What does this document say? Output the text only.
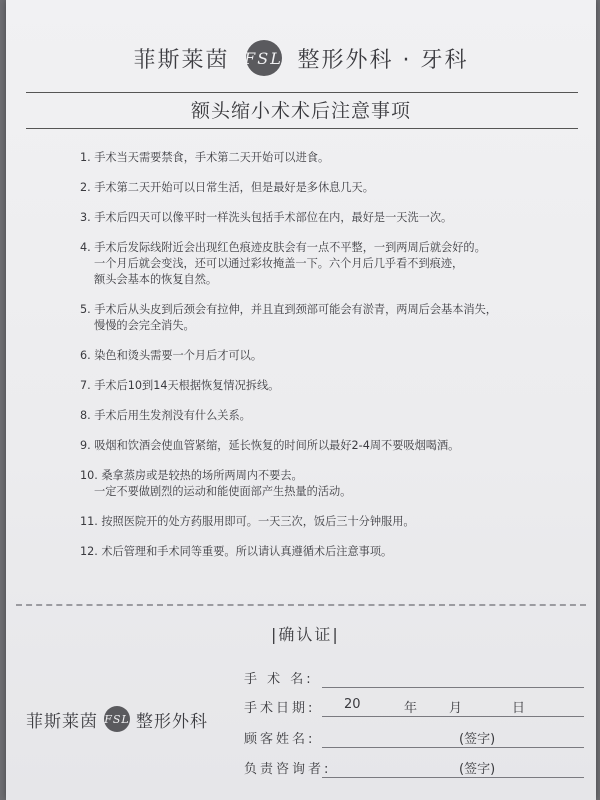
菲斯莱茵 FSL 整形外科 · 牙科
额头缩小术术后注意事项
1. 手术当天需要禁食，手术第二天开始可以进食。
2. 手术第二天开始可以日常生活，但是最好是多休息几天。
3. 手术后四天可以像平时一样洗头包括手术部位在内，最好是一天洗一次。
4. 手术后发际线附近会出现红色痕迹皮肤会有一点不平整，一到两周后就会好的。
一个月后就会变浅，还可以通过彩妆掩盖一下。六个月后几乎看不到痕迹，
额头会基本的恢复自然。
5. 手术后从头皮到后颈会有拉伸，并且直到颈部可能会有淤青，两周后会基本消失，
慢慢的会完全消失。
6. 染色和烫头需要一个月后才可以。
7. 手术后10到14天根据恢复情况拆线。
8. 手术后用生发剂没有什么关系。
9. 吸烟和饮酒会使血管紧缩，延长恢复的时间所以最好2-4周不要吸烟喝酒。
10. 桑拿蒸房或是较热的场所两周内不要去。
一定不要做剧烈的运动和能使面部产生热量的活动。
11. 按照医院开的处方药服用即可。一天三次，饭后三十分钟服用。
12. 术后管理和手术同等重要。所以请认真遵循术后注意事项。
|确认证|
菲斯莱茵 FSL 整形外科
手 术 名:
手术日期: 20	年 月	日
顾客姓名:	(签字)
负责咨询者:	(签字)
